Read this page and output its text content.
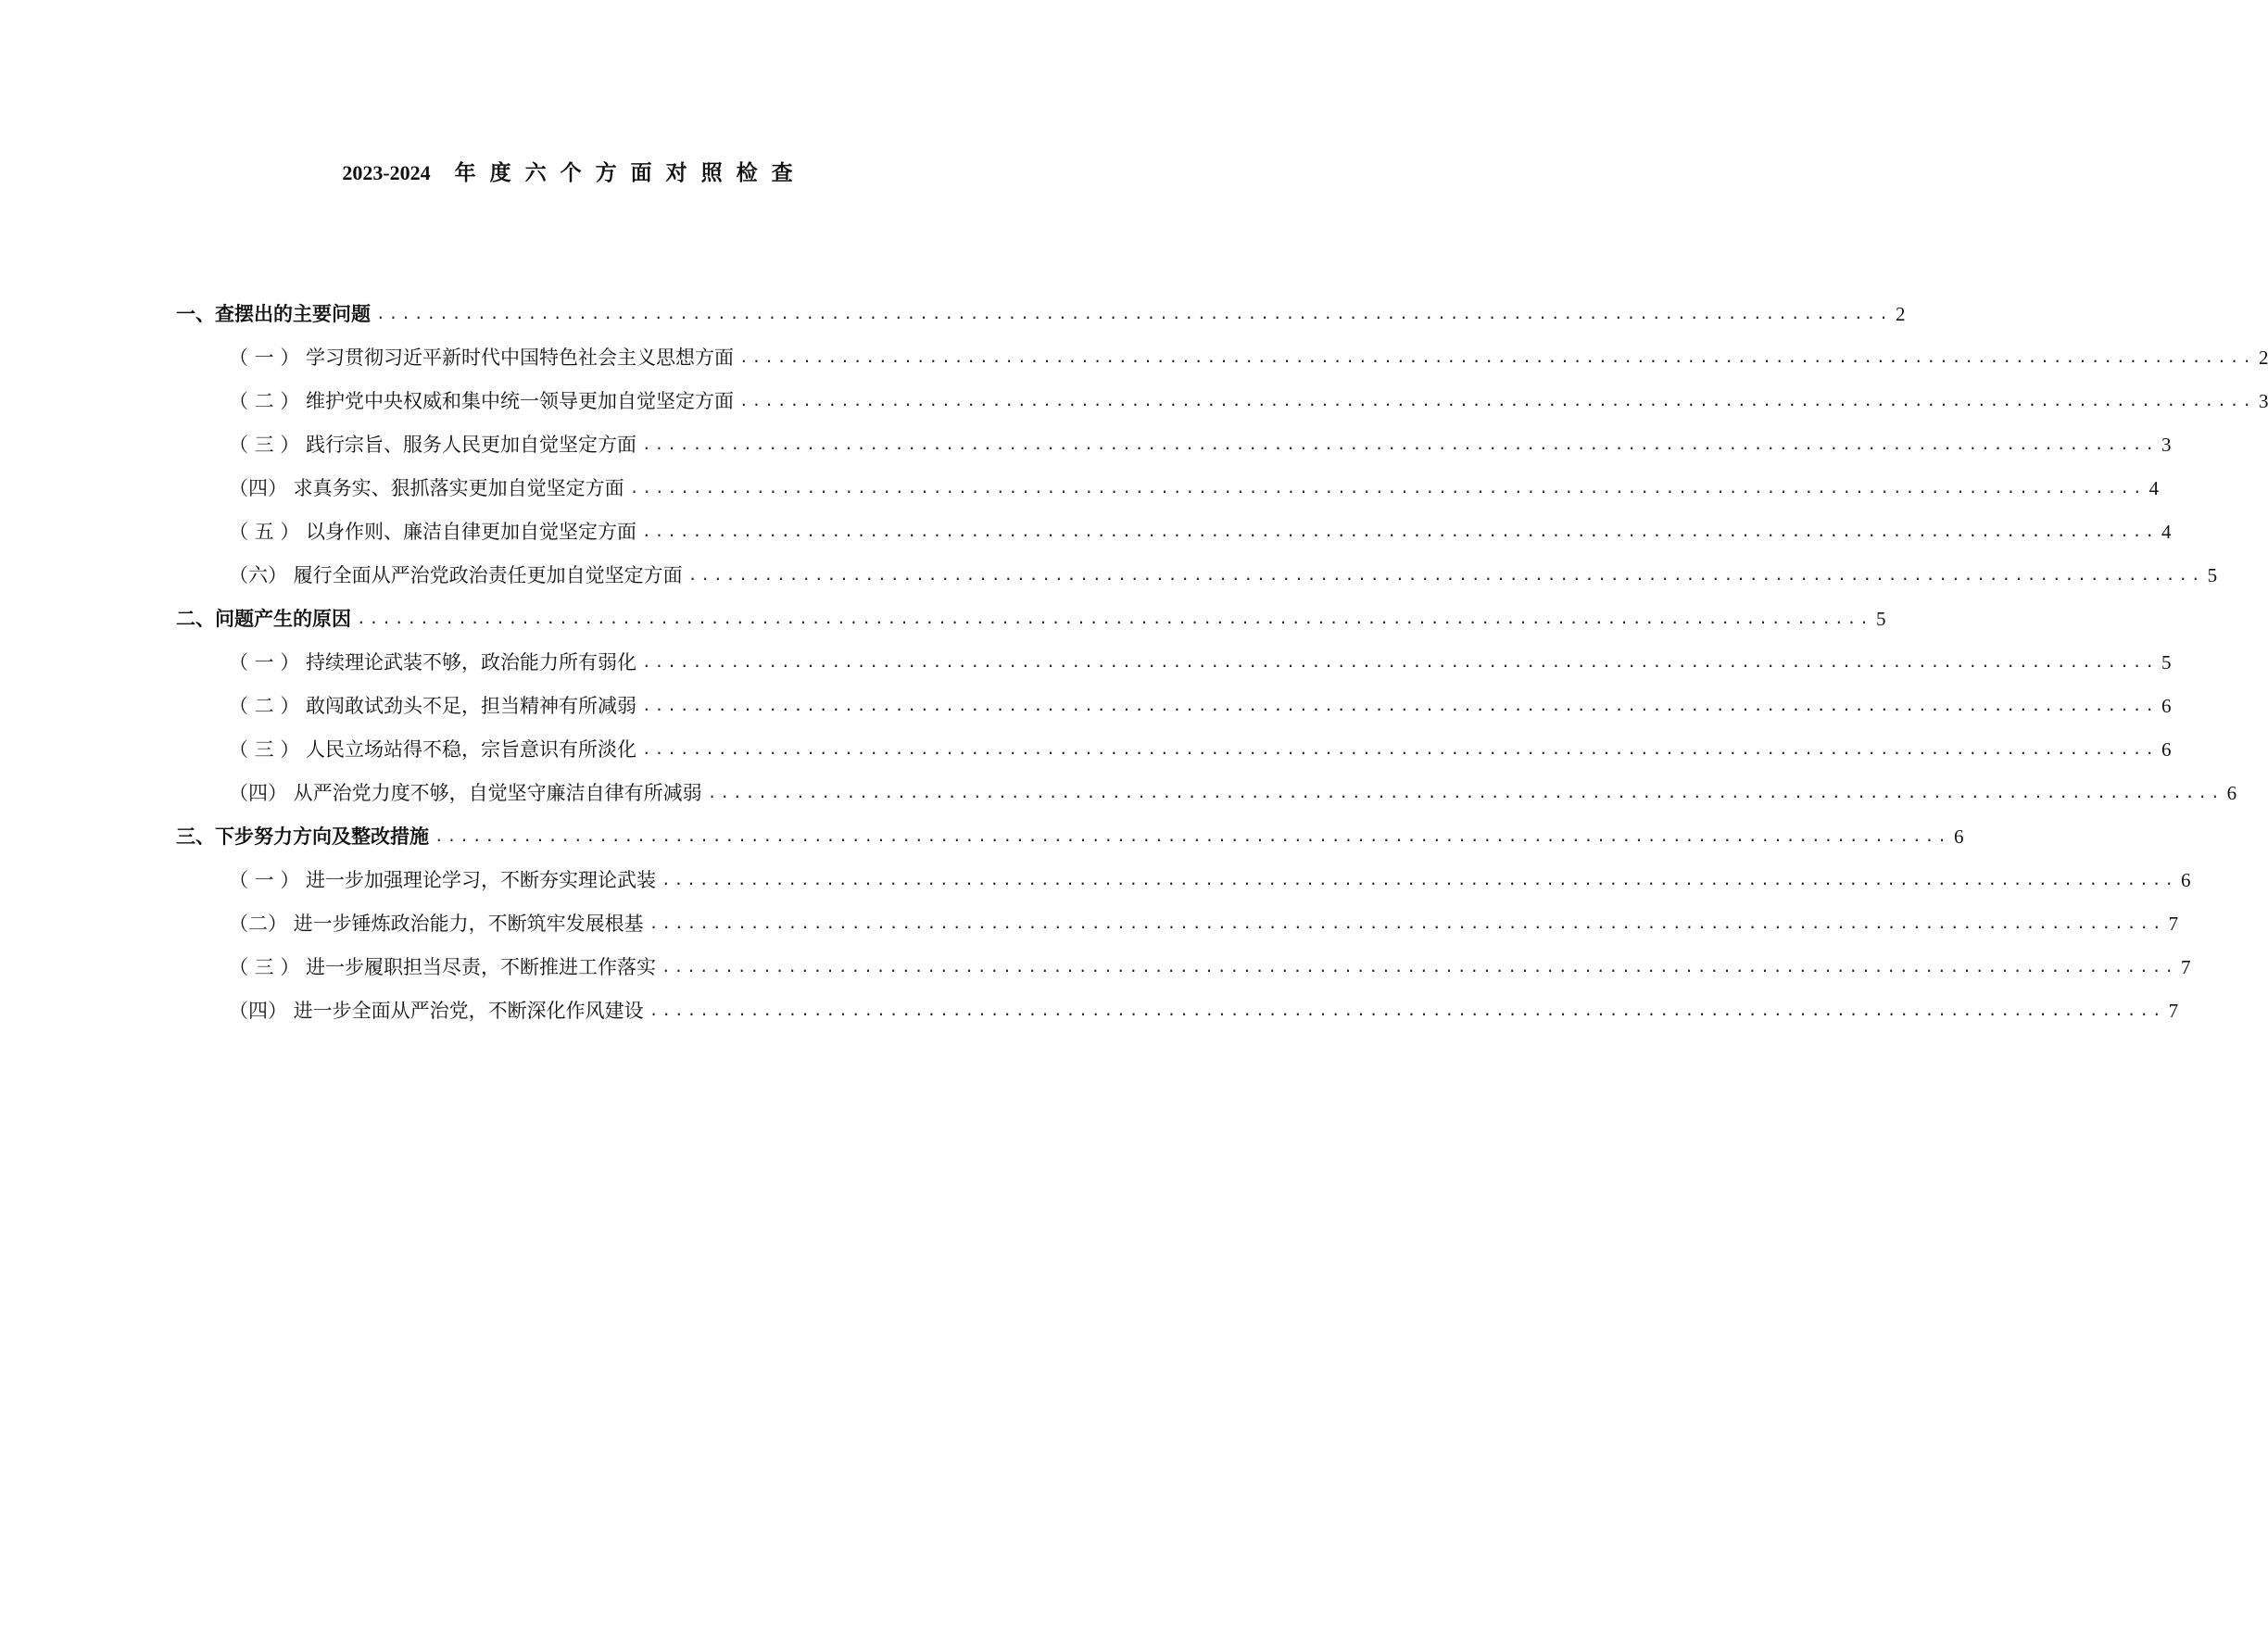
2023-2024 年度六个方面对照检查
一、查摆出的主要问题 ........................................................................................................................ 2
（ 一 ） 学习贯彻习近平新时代中国特色社会主义思想方面 ........................................................................................................................ 2
（ 二 ） 维护党中央权威和集中统一领导更加自觉坚定方面 ........................................................................................................................ 3
（ 三 ） 践行宗旨、服务人民更加自觉坚定方面 ........................................................................................................................ 3
（四） 求真务实、狠抓落实更加自觉坚定方面 ........................................................................................................................ 4
（ 五 ） 以身作则、廉洁自律更加自觉坚定方面 ........................................................................................................................ 4
（六） 履行全面从严治党政治责任更加自觉坚定方面 ........................................................................................................................ 5
二、问题产生的原因 ........................................................................................................................ 5
（ 一 ） 持续理论武装不够，政治能力所有弱化 ........................................................................................................................ 5
（ 二 ） 敢闯敢试劲头不足，担当精神有所减弱 ........................................................................................................................ 6
（ 三 ） 人民立场站得不稳，宗旨意识有所淡化 ........................................................................................................................ 6
（四） 从严治党力度不够，自觉坚守廉洁自律有所减弱 ........................................................................................................................ 6
三、下步努力方向及整改措施 ........................................................................................................................ 6
（ 一 ） 进一步加强理论学习，不断夯实理论武装 ........................................................................................................................ 6
（二） 进一步锤炼政治能力，不断筑牢发展根基 ........................................................................................................................ 7
（ 三 ） 进一步履职担当尽责，不断推进工作落实 ........................................................................................................................ 7
（四） 进一步全面从严治党，不断深化作风建设 ........................................................................................................................ 7
